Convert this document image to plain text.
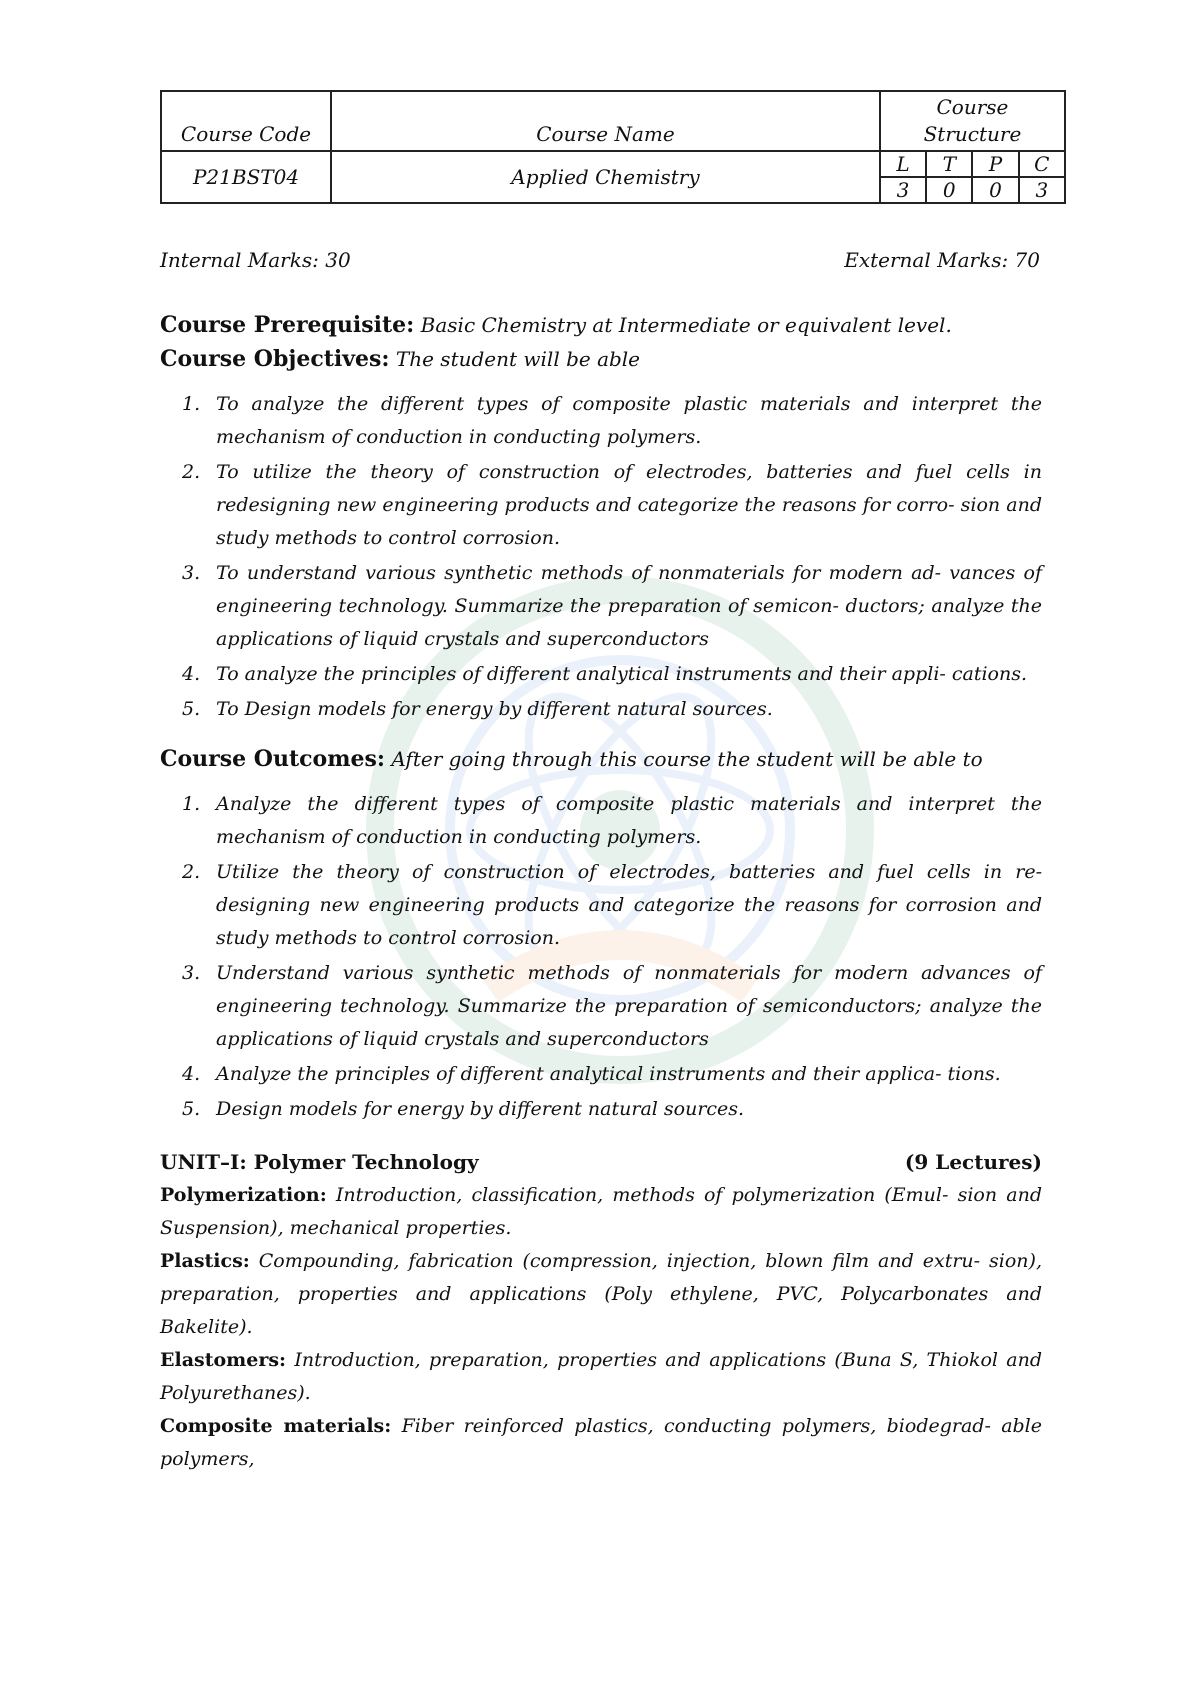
Course Code	Course Name	Course Structure			
P21BST04	Applied Chemistry	L	T	P	C
		3	0	0	3
Internal Marks: 30	External Marks: 70
Course Prerequisite: Basic Chemistry at Intermediate or equivalent level.
Course Objectives: The student will be able
1. To analyze the different types of composite plastic materials and interpret the mechanism of conduction in conducting polymers.
2. To utilize the theory of construction of electrodes, batteries and fuel cells in redesigning new engineering products and categorize the reasons for corro- sion and study methods to control corrosion.
3. To understand various synthetic methods of nonmaterials for modern ad- vances of engineering technology. Summarize the preparation of semicon- ductors; analyze the applications of liquid crystals and superconductors
4. To analyze the principles of different analytical instruments and their appli- cations.
5. To Design models for energy by different natural sources.
Course Outcomes: After going through this course the student will be able to
1. Analyze the different types of composite plastic materials and interpret the mechanism of conduction in conducting polymers.
2. Utilize the theory of construction of electrodes, batteries and fuel cells in re- designing new engineering products and categorize the reasons for corrosion and study methods to control corrosion.
3. Understand various synthetic methods of nonmaterials for modern advances of engineering technology. Summarize the preparation of semiconductors; analyze the applications of liquid crystals and superconductors
4. Analyze the principles of different analytical instruments and their applica- tions.
5. Design models for energy by different natural sources.
UNIT–I: Polymer Technology	(9 Lectures)
Polymerization: Introduction, classification, methods of polymerization (Emul- sion and Suspension), mechanical properties.
Plastics: Compounding, fabrication (compression, injection, blown film and extru- sion), preparation, properties and applications (Poly ethylene, PVC, Polycarbonates and Bakelite).
Elastomers: Introduction, preparation, properties and applications (Buna S, Thiokol and Polyurethanes).
Composite materials: Fiber reinforced plastics, conducting polymers, biodegrad- able polymers,
